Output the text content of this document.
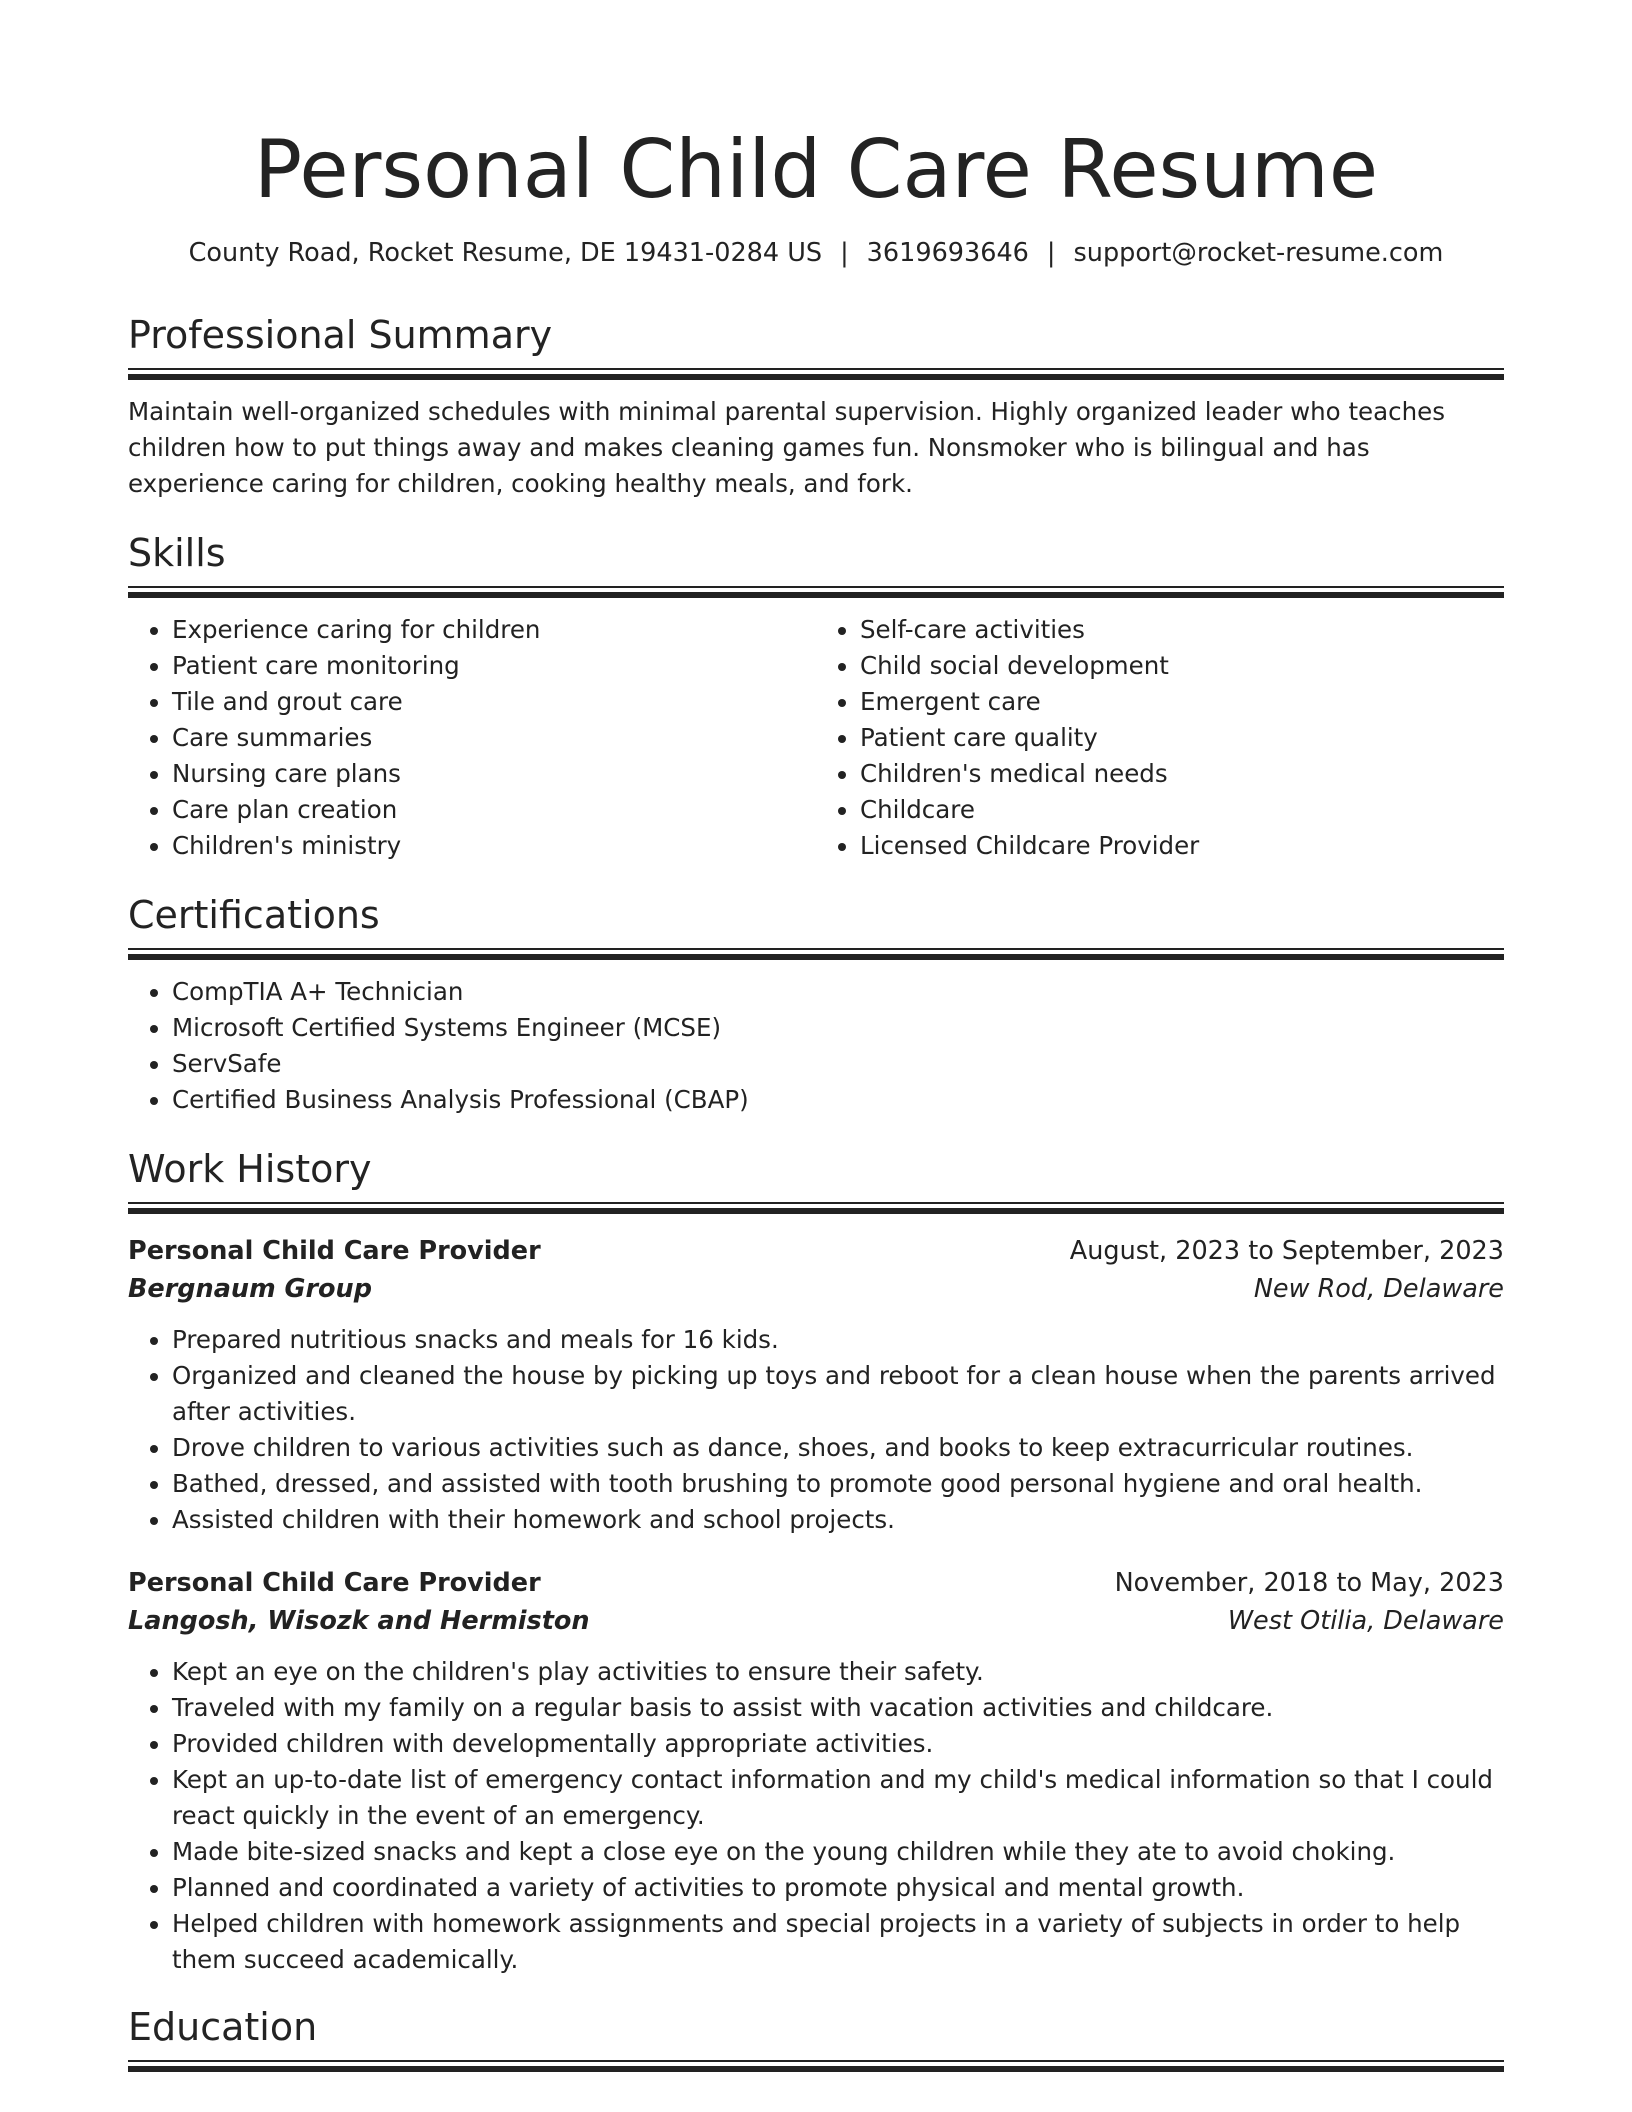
Personal Child Care Resume
County Road, Rocket Resume, DE 19431-0284 US | 3619693646 | support@rocket-resume.com
Professional Summary

Maintain well-organized schedules with minimal parental supervision. Highly organized leader who teaches children how to put things away and makes cleaning games fun. Nonsmoker who is bilingual and has experience caring for children, cooking healthy meals, and fork.

Skills
• Experience caring for children
• Patient care monitoring
• Tile and grout care
• Care summaries
• Nursing care plans
• Care plan creation
• Children's ministry
• Self-care activities
• Child social development
• Emergent care
• Patient care quality
• Children's medical needs
• Childcare
• Licensed Childcare Provider
Certifications
• CompTIA A+ Technician
• Microsoft Certified Systems Engineer (MCSE)
• ServSafe
• Certified Business Analysis Professional (CBAP)
Work History
Personal Child Care Provider	August, 2023 to September, 2023
Bergnaum Group	New Rod, Delaware
• Prepared nutritious snacks and meals for 16 kids.
• Organized and cleaned the house by picking up toys and reboot for a clean house when the parents arrived after activities.
• Drove children to various activities such as dance, shoes, and books to keep extracurricular routines.
• Bathed, dressed, and assisted with tooth brushing to promote good personal hygiene and oral health.
• Assisted children with their homework and school projects.
Personal Child Care Provider	November, 2018 to May, 2023
Langosh, Wisozk and Hermiston	West Otilia, Delaware
• Kept an eye on the children's play activities to ensure their safety.
• Traveled with my family on a regular basis to assist with vacation activities and childcare.
• Provided children with developmentally appropriate activities.
• Kept an up-to-date list of emergency contact information and my child's medical information so that I could react quickly in the event of an emergency.
• Made bite-sized snacks and kept a close eye on the young children while they ate to avoid choking.
• Planned and coordinated a variety of activities to promote physical and mental growth.
• Helped children with homework assignments and special projects in a variety of subjects in order to help them succeed academically.
Education
